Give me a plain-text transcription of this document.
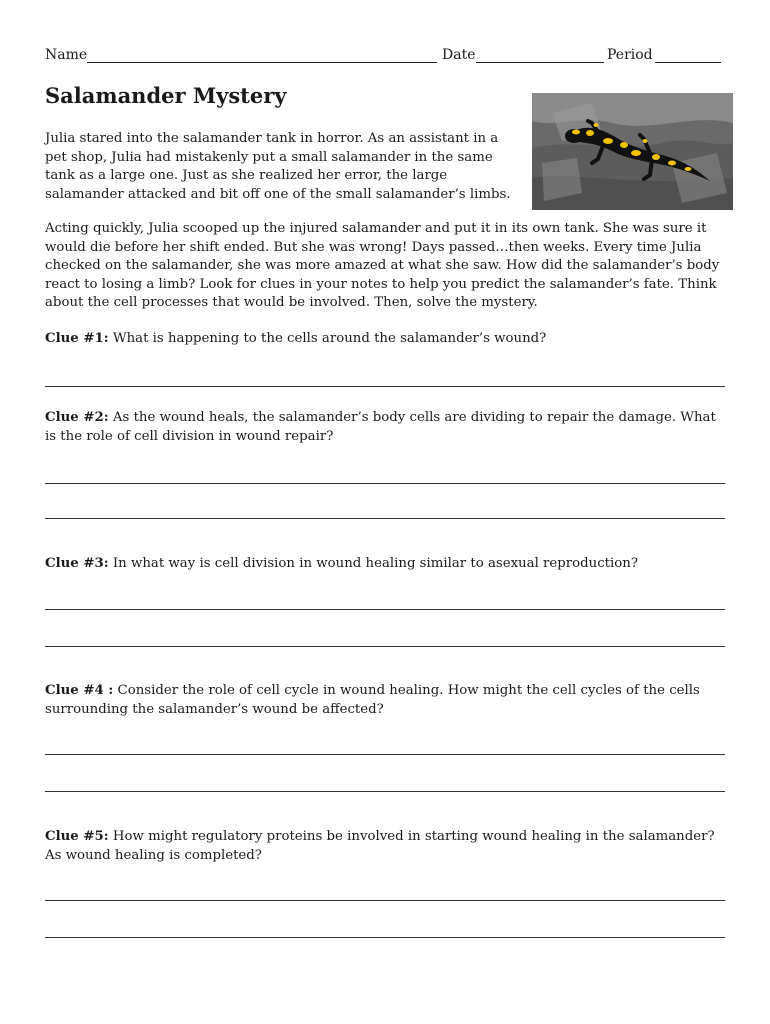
Name	Date	Period
Salamander Mystery

Julia stared into the salamander tank in horror. As an assistant in a pet shop, Julia had mistakenly put a small salamander in the same tank as a large one. Just as she realized her error, the large salamander attacked and bit off one of the small salamander’s limbs.

Acting quickly, Julia scooped up the injured salamander and put it in its own tank. She was sure it would die before her shift ended. But she was wrong! Days passed…then weeks. Every time Julia checked on the salamander, she was more amazed at what she saw. How did the salamander’s body react to losing a limb? Look for clues in your notes to help you predict the salamander’s fate. Think about the cell processes that would be involved. Then, solve the mystery.

Clue #1: What is happening to the cells around the salamander’s wound?

Clue #2: As the wound heals, the salamander’s body cells are dividing to repair the damage. What is the role of cell division in wound repair?

Clue #3: In what way is cell division in wound healing similar to asexual reproduction?

Clue #4 : Consider the role of cell cycle in wound healing. How might the cell cycles of the cells surrounding the salamander’s wound be affected?

Clue #5: How might regulatory proteins be involved in starting wound healing in the salamander? As wound healing is completed?
